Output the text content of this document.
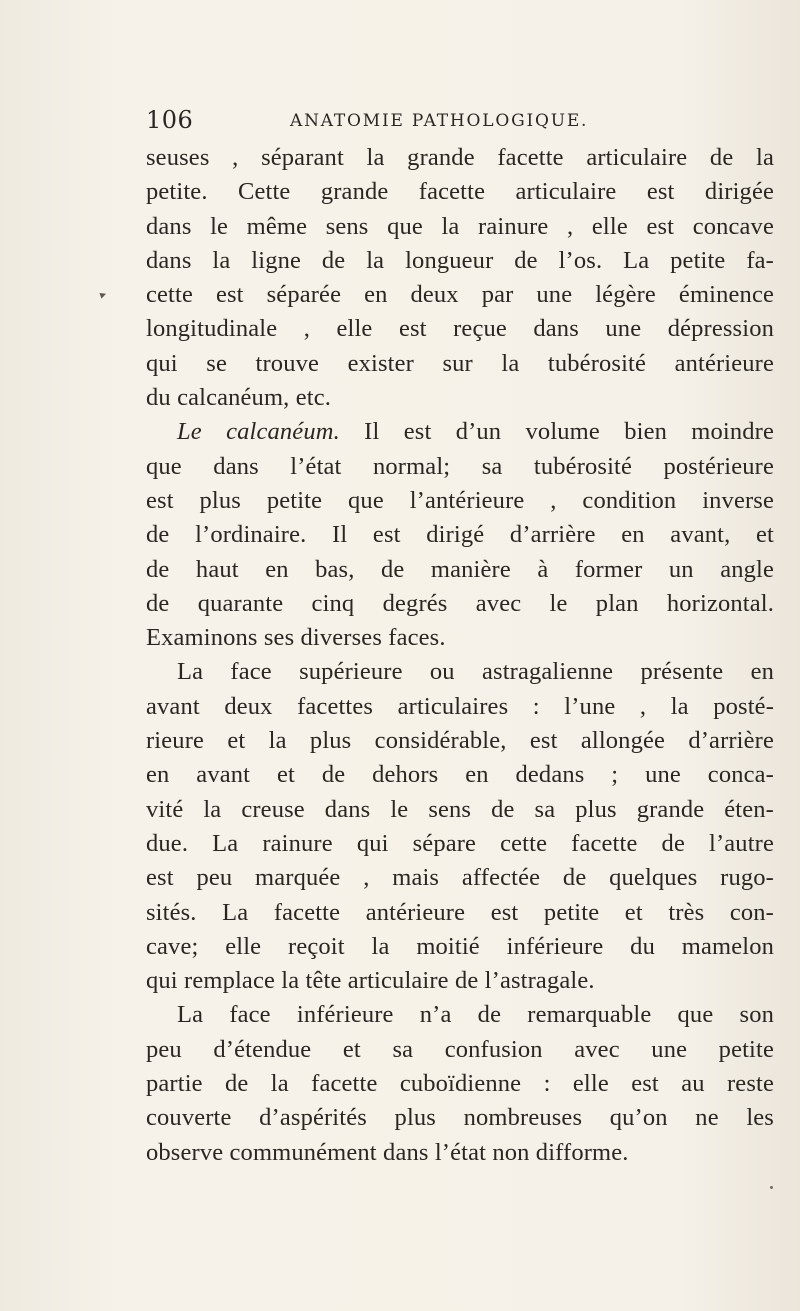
106	ANATOMIE PATHOLOGIQUE.
▸
seuses , séparant la grande facette articulaire de la
petite. Cette grande facette articulaire est dirigée
dans le même sens que la rainure , elle est concave
dans la ligne de la longueur de l’os. La petite fa-
cette est séparée en deux par une légère éminence
longitudinale , elle est reçue dans une dépression
qui se trouve exister sur la tubérosité antérieure
du calcanéum, etc.
Le calcanéum. Il est d’un volume bien moindre
que dans l’état normal; sa tubérosité postérieure
est plus petite que l’antérieure , condition inverse
de l’ordinaire. Il est dirigé d’arrière en avant, et
de haut en bas, de manière à former un angle
de quarante cinq degrés avec le plan horizontal.
Examinons ses diverses faces.
La face supérieure ou astragalienne présente en
avant deux facettes articulaires : l’une , la posté-
rieure et la plus considérable, est allongée d’arrière
en avant et de dehors en dedans ; une conca-
vité la creuse dans le sens de sa plus grande éten-
due. La rainure qui sépare cette facette de l’autre
est peu marquée , mais affectée de quelques rugo-
sités. La facette antérieure est petite et très con-
cave; elle reçoit la moitié inférieure du mamelon
qui remplace la tête articulaire de l’astragale.
La face inférieure n’a de remarquable que son
peu d’étendue et sa confusion avec une petite
partie de la facette cuboïdienne : elle est au reste
couverte d’aspérités plus nombreuses qu’on ne les
observe communément dans l’état non difforme.
